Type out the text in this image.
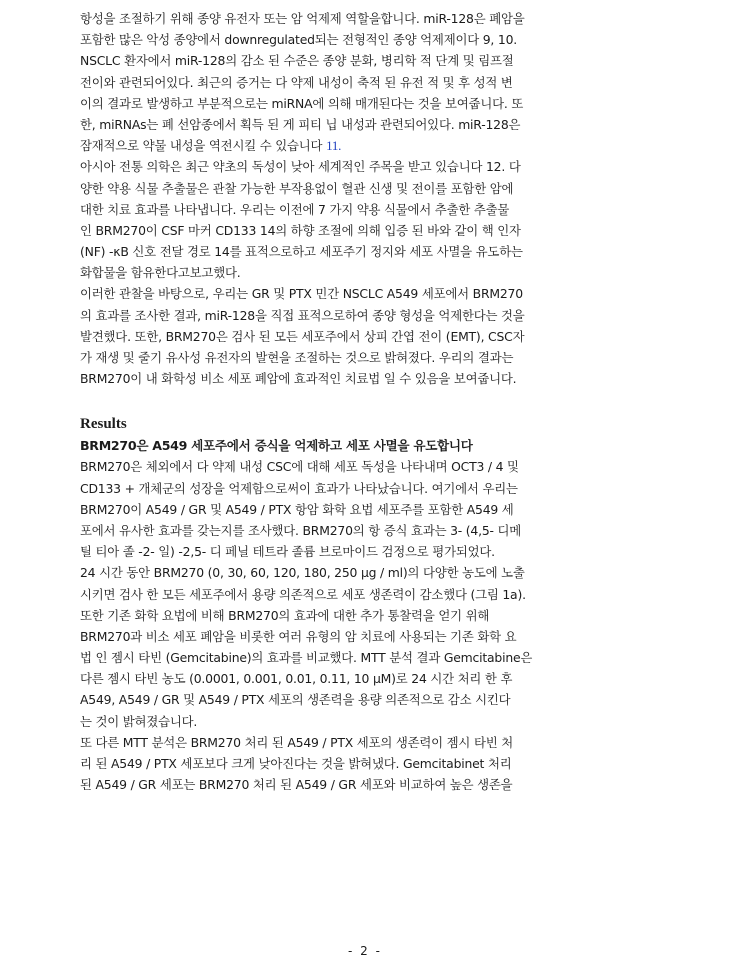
항성을 조절하기 위해 종양 유전자 또는 암 억제제 역할을합니다. miR-128은 폐암을
포함한 많은 악성 종양에서 downregulated되는 전형적인 종양 억제제이다 9, 10.
NSCLC 환자에서 miR-128의 감소 된 수준은 종양 분화, 병리학 적 단계 및 림프절
전이와 관련되어있다. 최근의 증거는 다 약제 내성이 축적 된 유전 적 및 후 성적 변
이의 결과로 발생하고 부분적으로는 miRNA에 의해 매개된다는 것을 보여줍니다. 또
한, miRNAs는 폐 선암종에서 획득 된 게 피티 닙 내성과 관련되어있다. miR-128은
잠재적으로 약물 내성을 역전시킬 수 있습니다 11.
아시아 전통 의학은 최근 약초의 독성이 낮아 세계적인 주목을 받고 있습니다 12. 다
양한 약용 식물 추출물은 관찰 가능한 부작용없이 혈관 신생 및 전이를 포함한 암에
대한 치료 효과를 나타냅니다. 우리는 이전에 7 가지 약용 식물에서 추출한 추출물
인 BRM270이 CSF 마커 CD133 14의 하향 조절에 의해 입증 된 바와 같이 핵 인자
(NF) -κB 신호 전달 경로 14를 표적으로하고 세포주기 정지와 세포 사멸을 유도하는
화합물을 함유한다고보고했다.
이러한 관찰을 바탕으로, 우리는 GR 및 PTX 민간 NSCLC A549 세포에서 BRM270
의 효과를 조사한 결과, miR-128을 직접 표적으로하여 종양 형성을 억제한다는 것을
발견했다. 또한, BRM270은 검사 된 모든 세포주에서 상피 간엽 전이 (EMT), CSC자
가 재생 및 줄기 유사성 유전자의 발현을 조절하는 것으로 밝혀졌다. 우리의 결과는
BRM270이 내 화학성 비소 세포 폐암에 효과적인 치료법 일 수 있음을 보여줍니다.
Results
BRM270은 A549 세포주에서 증식을 억제하고 세포 사멸을 유도합니다
BRM270은 체외에서 다 약제 내성 CSC에 대해 세포 독성을 나타내며 OCT3 / 4 및
CD133 + 개체군의 성장을 억제함으로써이 효과가 나타났습니다. 여기에서 우리는
BRM270이 A549 / GR 및 A549 / PTX 항암 화학 요법 세포주를 포함한 A549 세
포에서 유사한 효과를 갖는지를 조사했다. BRM270의 항 증식 효과는 3- (4,5- 디메
틸 티아 졸 -2- 일) -2,5- 디 페닐 테트라 졸륨 브로마이드 검정으로 평가되었다.
24 시간 동안 BRM270 (0, 30, 60, 120, 180, 250 μg / ml)의 다양한 농도에 노출
시키면 검사 한 모든 세포주에서 용량 의존적으로 세포 생존력이 감소했다 (그림 1a).
또한 기존 화학 요법에 비해 BRM270의 효과에 대한 추가 통찰력을 얻기 위해
BRM270과 비소 세포 폐암을 비롯한 여러 유형의 암 치료에 사용되는 기존 화학 요
법 인 젬시 타빈 (Gemcitabine)의 효과를 비교했다. MTT 분석 결과 Gemcitabine은
다른 젬시 타빈 농도 (0.0001, 0.001, 0.01, 0.11, 10 μM)로 24 시간 처리 한 후
A549, A549 / GR 및 A549 / PTX 세포의 생존력을 용량 의존적으로 감소 시킨다
는 것이 밝혀졌습니다.
또 다른 MTT 분석은 BRM270 처리 된 A549 / PTX 세포의 생존력이 젬시 타빈 처
리 된 A549 / PTX 세포보다 크게 낮아진다는 것을 밝혀냈다. Gemcitabinet 처리
된 A549 / GR 세포는 BRM270 처리 된 A549 / GR 세포와 비교하여 높은 생존을
- 2 -
